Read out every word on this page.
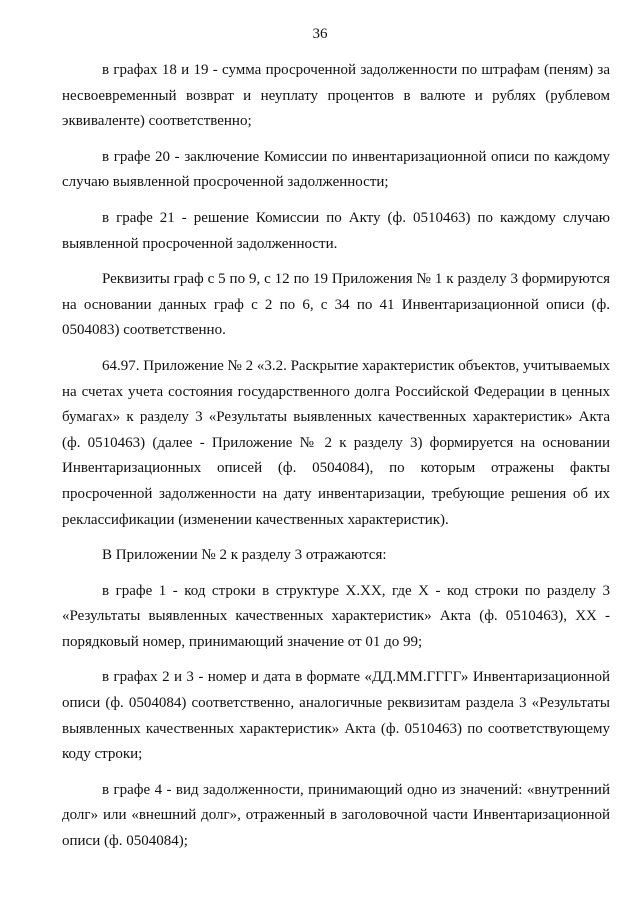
36

в графах 18 и 19 - сумма просроченной задолженности по штрафам (пеням) за несвоевременный возврат и неуплату процентов в валюте и рублях (рублевом эквиваленте) соответственно;

в графе 20 - заключение Комиссии по инвентаризационной описи по каждому случаю выявленной просроченной задолженности;

в графе 21 - решение Комиссии по Акту (ф. 0510463) по каждому случаю выявленной просроченной задолженности.

Реквизиты граф с 5 по 9, с 12 по 19 Приложения № 1 к разделу 3 формируются на основании данных граф с 2 по 6, с 34 по 41 Инвентаризационной описи (ф. 0504083) соответственно.

64.97. Приложение № 2 «3.2. Раскрытие характеристик объектов, учитываемых на счетах учета состояния государственного долга Российской Федерации в ценных бумагах» к разделу 3 «Результаты выявленных качественных характеристик» Акта (ф. 0510463) (далее - Приложение № 2 к разделу 3) формируется на основании Инвентаризационных описей (ф. 0504084), по которым отражены факты просроченной задолженности на дату инвентаризации, требующие решения об их реклассификации (изменении качественных характеристик).

В Приложении № 2 к разделу 3 отражаются:

в графе 1 - код строки в структуре X.XX, где X - код строки по разделу 3 «Результаты выявленных качественных характеристик» Акта (ф. 0510463), XX - порядковый номер, принимающий значение от 01 до 99;

в графах 2 и 3 - номер и дата в формате «ДД.ММ.ГГГГ» Инвентаризационной описи (ф. 0504084) соответственно, аналогичные реквизитам раздела 3 «Результаты выявленных качественных характеристик» Акта (ф. 0510463) по соответствующему коду строки;

в графе 4 - вид задолженности, принимающий одно из значений: «внутренний долг» или «внешний долг», отраженный в заголовочной части Инвентаризационной описи (ф. 0504084);
